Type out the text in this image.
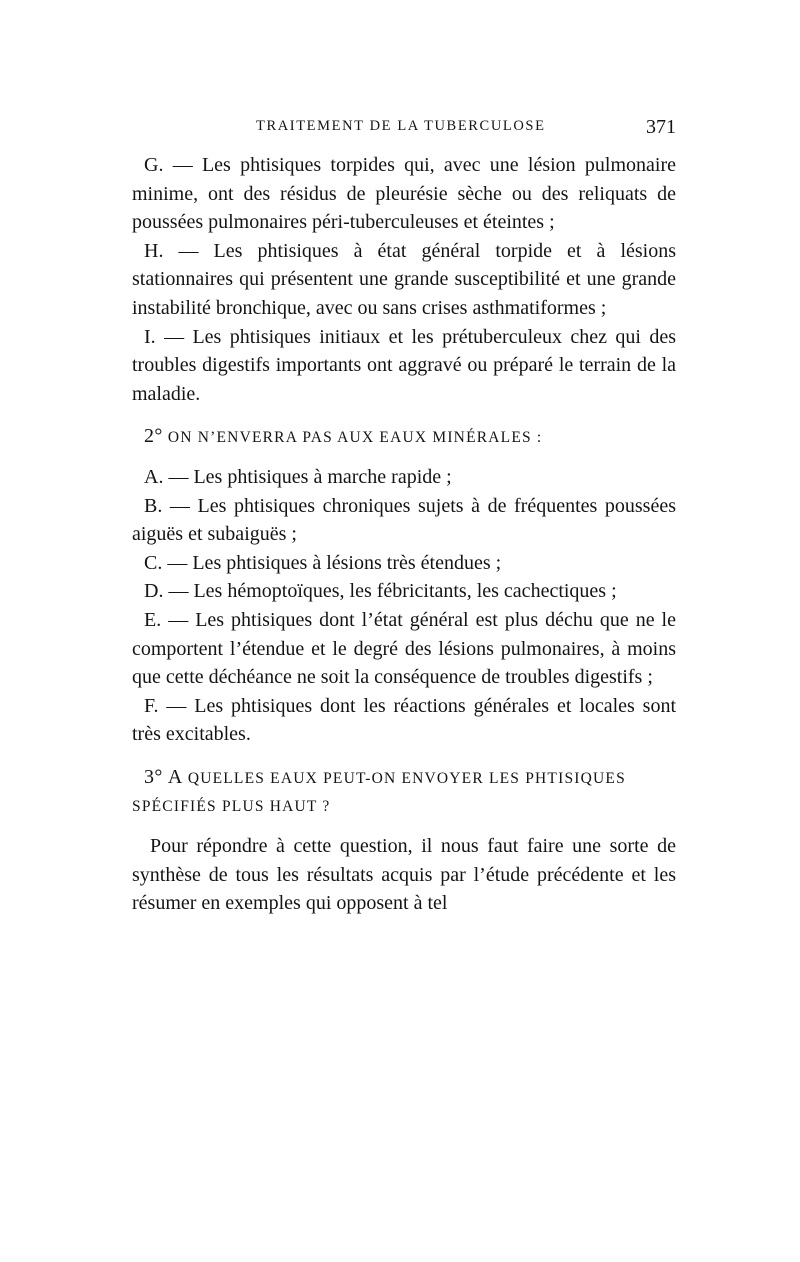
TRAITEMENT DE LA TUBERCULOSE	371

G. — Les phtisiques torpides qui, avec une lésion pulmonaire minime, ont des résidus de pleurésie sèche ou des reliquats de poussées pulmonaires péri-tuberculeuses et éteintes ;

H. — Les phtisiques à état général torpide et à lésions stationnaires qui présentent une grande susceptibilité et une grande instabilité bronchique, avec ou sans crises asthmatiformes ;

I. — Les phtisiques initiaux et les prétuberculeux chez qui des troubles digestifs importants ont aggravé ou préparé le terrain de la maladie.

2° ON N’ENVERRA PAS AUX EAUX MINÉRALES :

A. — Les phtisiques à marche rapide ;

B. — Les phtisiques chroniques sujets à de fréquentes poussées aiguës et subaiguës ;

C. — Les phtisiques à lésions très étendues ;

D. — Les hémoptoïques, les fébricitants, les cachectiques ;

E. — Les phtisiques dont l’état général est plus déchu que ne le comportent l’étendue et le degré des lésions pulmonaires, à moins que cette déchéance ne soit la conséquence de troubles digestifs ;

F. — Les phtisiques dont les réactions générales et locales sont très excitables.

3° A QUELLES EAUX PEUT-ON ENVOYER LES PHTISIQUES SPÉCIFIÉS PLUS HAUT ?

Pour répondre à cette question, il nous faut faire une sorte de synthèse de tous les résultats acquis par l’étude précédente et les résumer en exemples qui opposent à tel
